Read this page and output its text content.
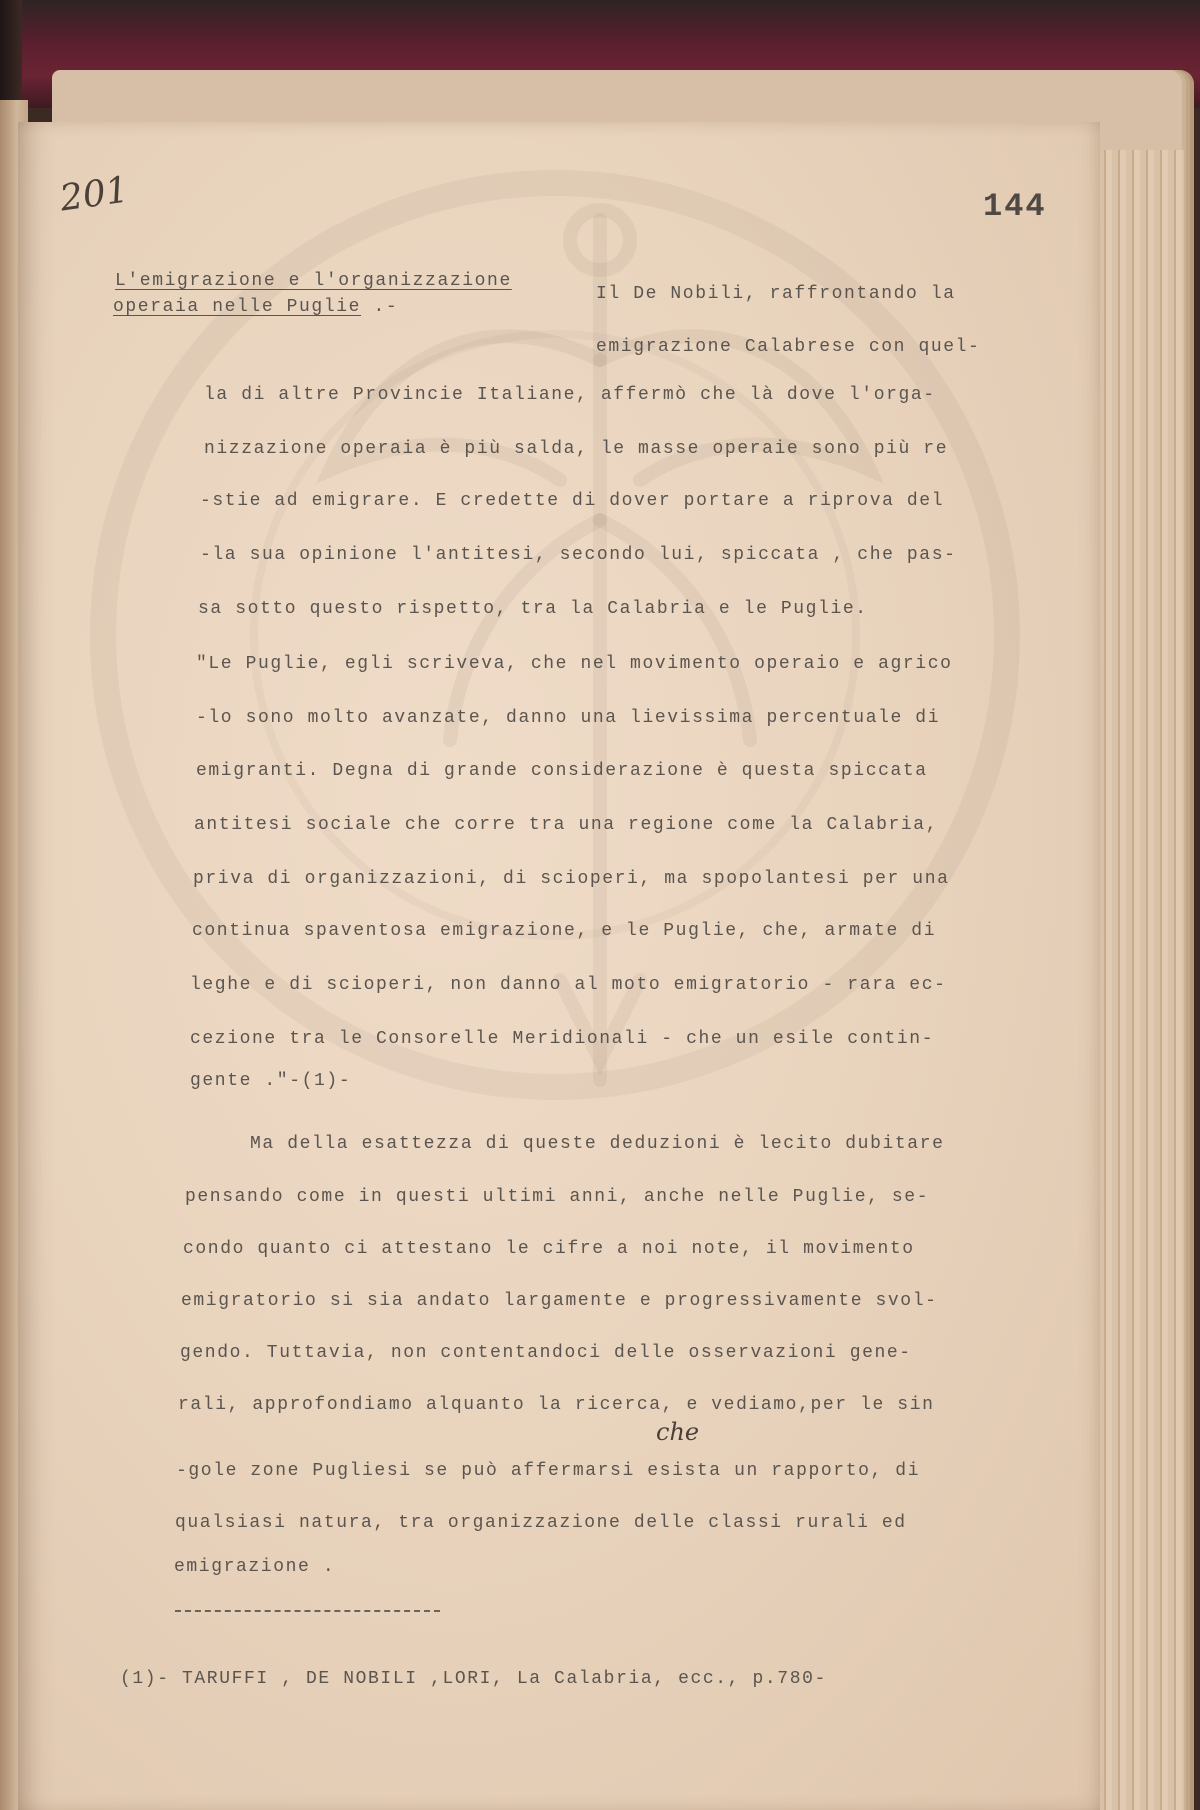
201	144
L'emigrazione e l'organizzazione
operaia nelle Puglie .-
Il De Nobili, raffrontando la
emigrazione Calabrese con quel-
la di altre Provincie Italiane, affermò che là dove l'orga-
nizzazione operaia è più salda, le masse operaie sono più re
-stie ad emigrare. E credette di dover portare a riprova del
-la sua opinione l'antitesi, secondo lui, spiccata , che pas-
sa sotto questo rispetto, tra la Calabria e le Puglie.
"Le Puglie, egli scriveva, che nel movimento operaio e agrico
-lo sono molto avanzate, danno una lievissima percentuale di
emigranti. Degna di grande considerazione è questa spiccata
antitesi sociale che corre tra una regione come la Calabria,
priva di organizzazioni, di scioperi, ma spopolantesi per una
continua spaventosa emigrazione, e le Puglie, che, armate di
leghe e di scioperi, non danno al moto emigratorio - rara ec-
cezione tra le Consorelle Meridionali - che un esile contin-
gente ."-(1)-
Ma della esattezza di queste deduzioni è lecito dubitare
pensando come in questi ultimi anni, anche nelle Puglie, se-
condo quanto ci attestano le cifre a noi note, il movimento
emigratorio si sia andato largamente e progressivamente svol-
gendo. Tuttavia, non contentandoci delle osservazioni gene-
rali, approfondiamo alquanto la ricerca, e vediamo,per le sin
-gole zone Pugliesi se può affermarsi esista un rapporto, di
qualsiasi natura, tra organizzazione delle classi rurali ed
emigrazione .
che
(1)- TARUFFI , DE NOBILI ,LORI, La Calabria, ecc., p.780-
